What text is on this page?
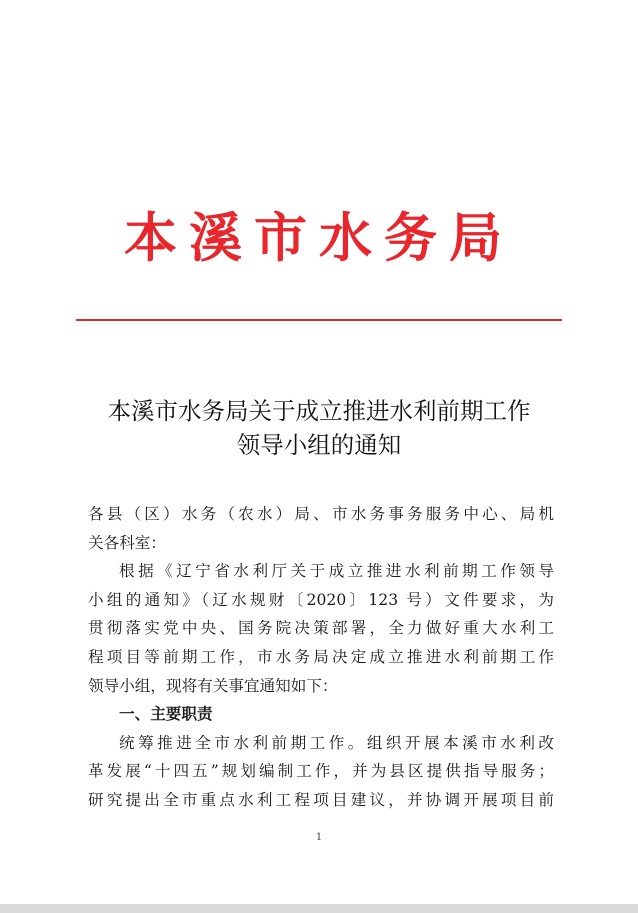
本溪市水务局
本溪市水务局关于成立推进水利前期工作
领导小组的通知
各县（区）水务（农水）局、市水务事务服务中心、局机
关各科室：
根据《辽宁省水利厅关于成立推进水利前期工作领导
小组的通知》（辽水规财〔2020〕123 号）文件要求，为
贯彻落实党中央、国务院决策部署，全力做好重大水利工
程项目等前期工作，市水务局决定成立推进水利前期工作
领导小组，现将有关事宜通知如下：
一、主要职责
统筹推进全市水利前期工作。组织开展本溪市水利改
革发展“十四五”规划编制工作，并为县区提供指导服务；
研究提出全市重点水利工程项目建议，并协调开展项目前
1
